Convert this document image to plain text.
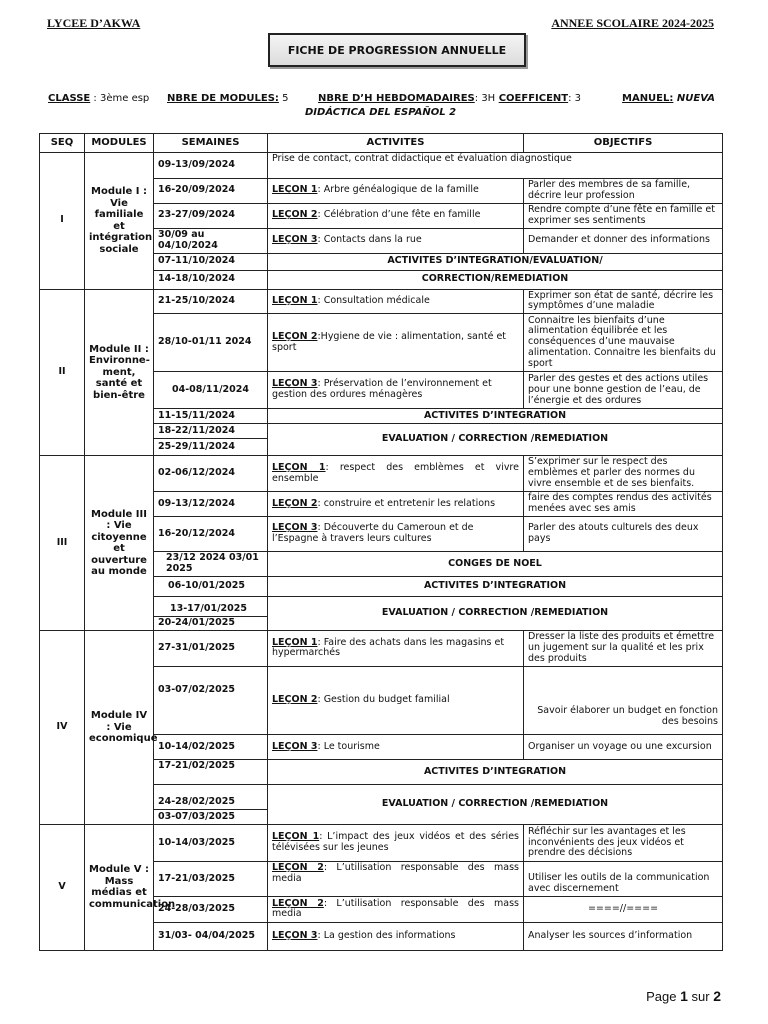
LYCEE D’AKWA	ANNEE SCOLAIRE 2024-2025
FICHE DE PROGRESSION ANNUELLE
CLASSE : 3ème esp NBRE DE MODULES: 5	NBRE D’H HEBDOMADAIRES: 3H COEFFICENT: 3	MANUEL: NUEVA
DIDÁCTICA DEL ESPAÑOL 2
SEQ	MODULES	SEMAINES	ACTIVITES	OBJECTIFS
I	Module I : Vie familiale et intégration sociale	09-13/09/2024	Prise de contact, contrat didactique et évaluation diagnostique	
		16-20/09/2024	LEÇON 1: Arbre généalogique de la famille	Parler des membres de sa famille, décrire leur profession
		23-27/09/2024	LEÇON 2: Célébration d’une fête en famille	Rendre compte d’une fête en famille et exprimer ses sentiments
		30/09 au 04/10/2024	LEÇON 3: Contacts dans la rue	Demander et donner des informations
		07-11/10/2024	ACTIVITES D’INTEGRATION/EVALUATION/	
		14-18/10/2024	CORRECTION/REMEDIATION	
II	Module II : Environne- ment, santé et bien-être	21-25/10/2024	LEÇON 1: Consultation médicale	Exprimer son état de santé, décrire les symptômes d’une maladie
		28/10-01/11 2024	LEÇON 2:Hygiene de vie : alimentation, santé et sport	Connaitre les bienfaits d’une alimentation équilibrée et les conséquences d’une mauvaise alimentation. Connaitre les bienfaits du sport
		04-08/11/2024	LEÇON 3: Préservation de l’environnement et gestion des ordures ménagères	Parler des gestes et des actions utiles pour une bonne gestion de l’eau, de l’énergie et des ordures
		11-15/11/2024	ACTIVITES D’INTEGRATION	
		18-22/11/2024	EVALUATION / CORRECTION /REMEDIATION	
		25-29/11/2024		
III	Module III : Vie citoyenne et ouverture au monde	02-06/12/2024	LEÇON 1: respect des emblèmes et vivre ensemble	S’exprimer sur le respect des emblèmes et parler des normes du vivre ensemble et de ses bienfaits.
		09-13/12/2024	LEÇON 2: construire et entretenir les relations	faire des comptes rendus des activités menées avec ses amis
		16-20/12/2024	LEÇON 3: Découverte du Cameroun et de l’Espagne à travers leurs cultures	Parler des atouts culturels des deux pays
		23/12 2024 03/01 2025	CONGES DE NOEL	
		06-10/01/2025	ACTIVITES D’INTEGRATION	
		13-17/01/2025	EVALUATION / CORRECTION /REMEDIATION	
		20-24/01/2025		
IV	Module IV : Vie economique	27-31/01/2025	LEÇON 1: Faire des achats dans les magasins et hypermarchés	Dresser la liste des produits et émettre un jugement sur la qualité et les prix des produits
		03-07/02/2025	LEÇON 2: Gestion du budget familial	Savoir élaborer un budget en fonction des besoins
		10-14/02/2025	LEÇON 3: Le tourisme	Organiser un voyage ou une excursion
		17-21/02/2025	ACTIVITES D’INTEGRATION	
		24-28/02/2025	EVALUATION / CORRECTION /REMEDIATION	
		03-07/03/2025		
V	Module V : Mass médias et communication	10-14/03/2025	LEÇON 1: L’impact des jeux vidéos et des séries télévisées sur les jeunes	Réfléchir sur les avantages et les inconvénients des jeux vidéos et prendre des décisions
		17-21/03/2025	LEÇON 2: L’utilisation responsable des mass media	Utiliser les outils de la communication avec discernement
		24-28/03/2025	LEÇON 2: L’utilisation responsable des mass media	====//====
		31/03- 04/04/2025	LEÇON 3: La gestion des informations	Analyser les sources d’information
Page 1 sur 2
